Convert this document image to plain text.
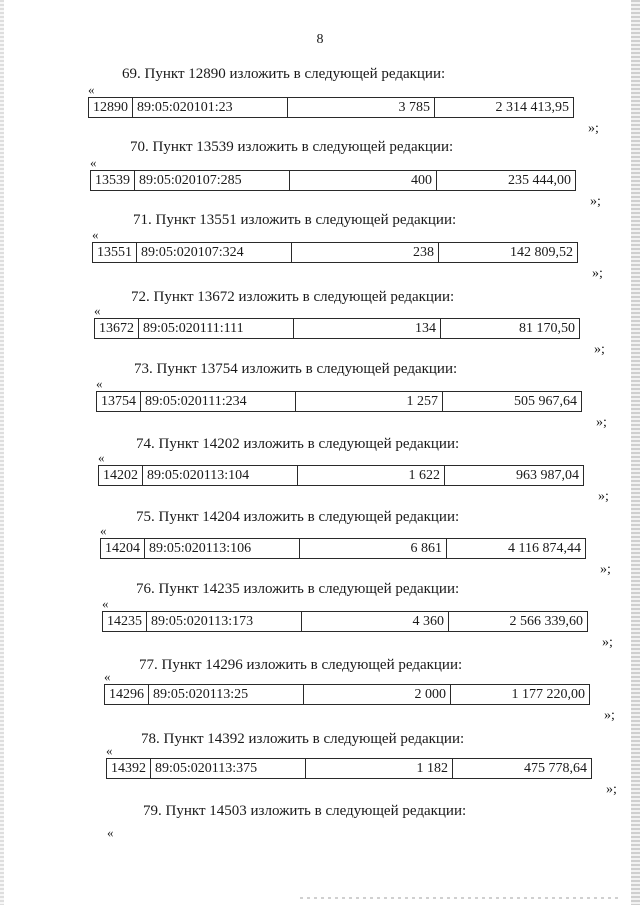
8
69. Пункт 12890 изложить в следующей редакции:
«
12890	89:05:020101:23	3 785	2 314 413,95
»;
70. Пункт 13539 изложить в следующей редакции:
«
13539	89:05:020107:285	400	235 444,00
»;
71. Пункт 13551 изложить в следующей редакции:
«
13551	89:05:020107:324	238	142 809,52
»;
72. Пункт 13672 изложить в следующей редакции:
«
13672	89:05:020111:111	134	81 170,50
»;
73. Пункт 13754 изложить в следующей редакции:
«
13754	89:05:020111:234	1 257	505 967,64
»;
74. Пункт 14202 изложить в следующей редакции:
«
14202	89:05:020113:104	1 622	963 987,04
»;
75. Пункт 14204 изложить в следующей редакции:
«
14204	89:05:020113:106	6 861	4 116 874,44
»;
76. Пункт 14235 изложить в следующей редакции:
«
14235	89:05:020113:173	4 360	2 566 339,60
»;
77. Пункт 14296 изложить в следующей редакции:
«
14296	89:05:020113:25	2 000	1 177 220,00
»;
78. Пункт 14392 изложить в следующей редакции:
«
14392	89:05:020113:375	1 182	475 778,64
»;
79. Пункт 14503 изложить в следующей редакции:
«
